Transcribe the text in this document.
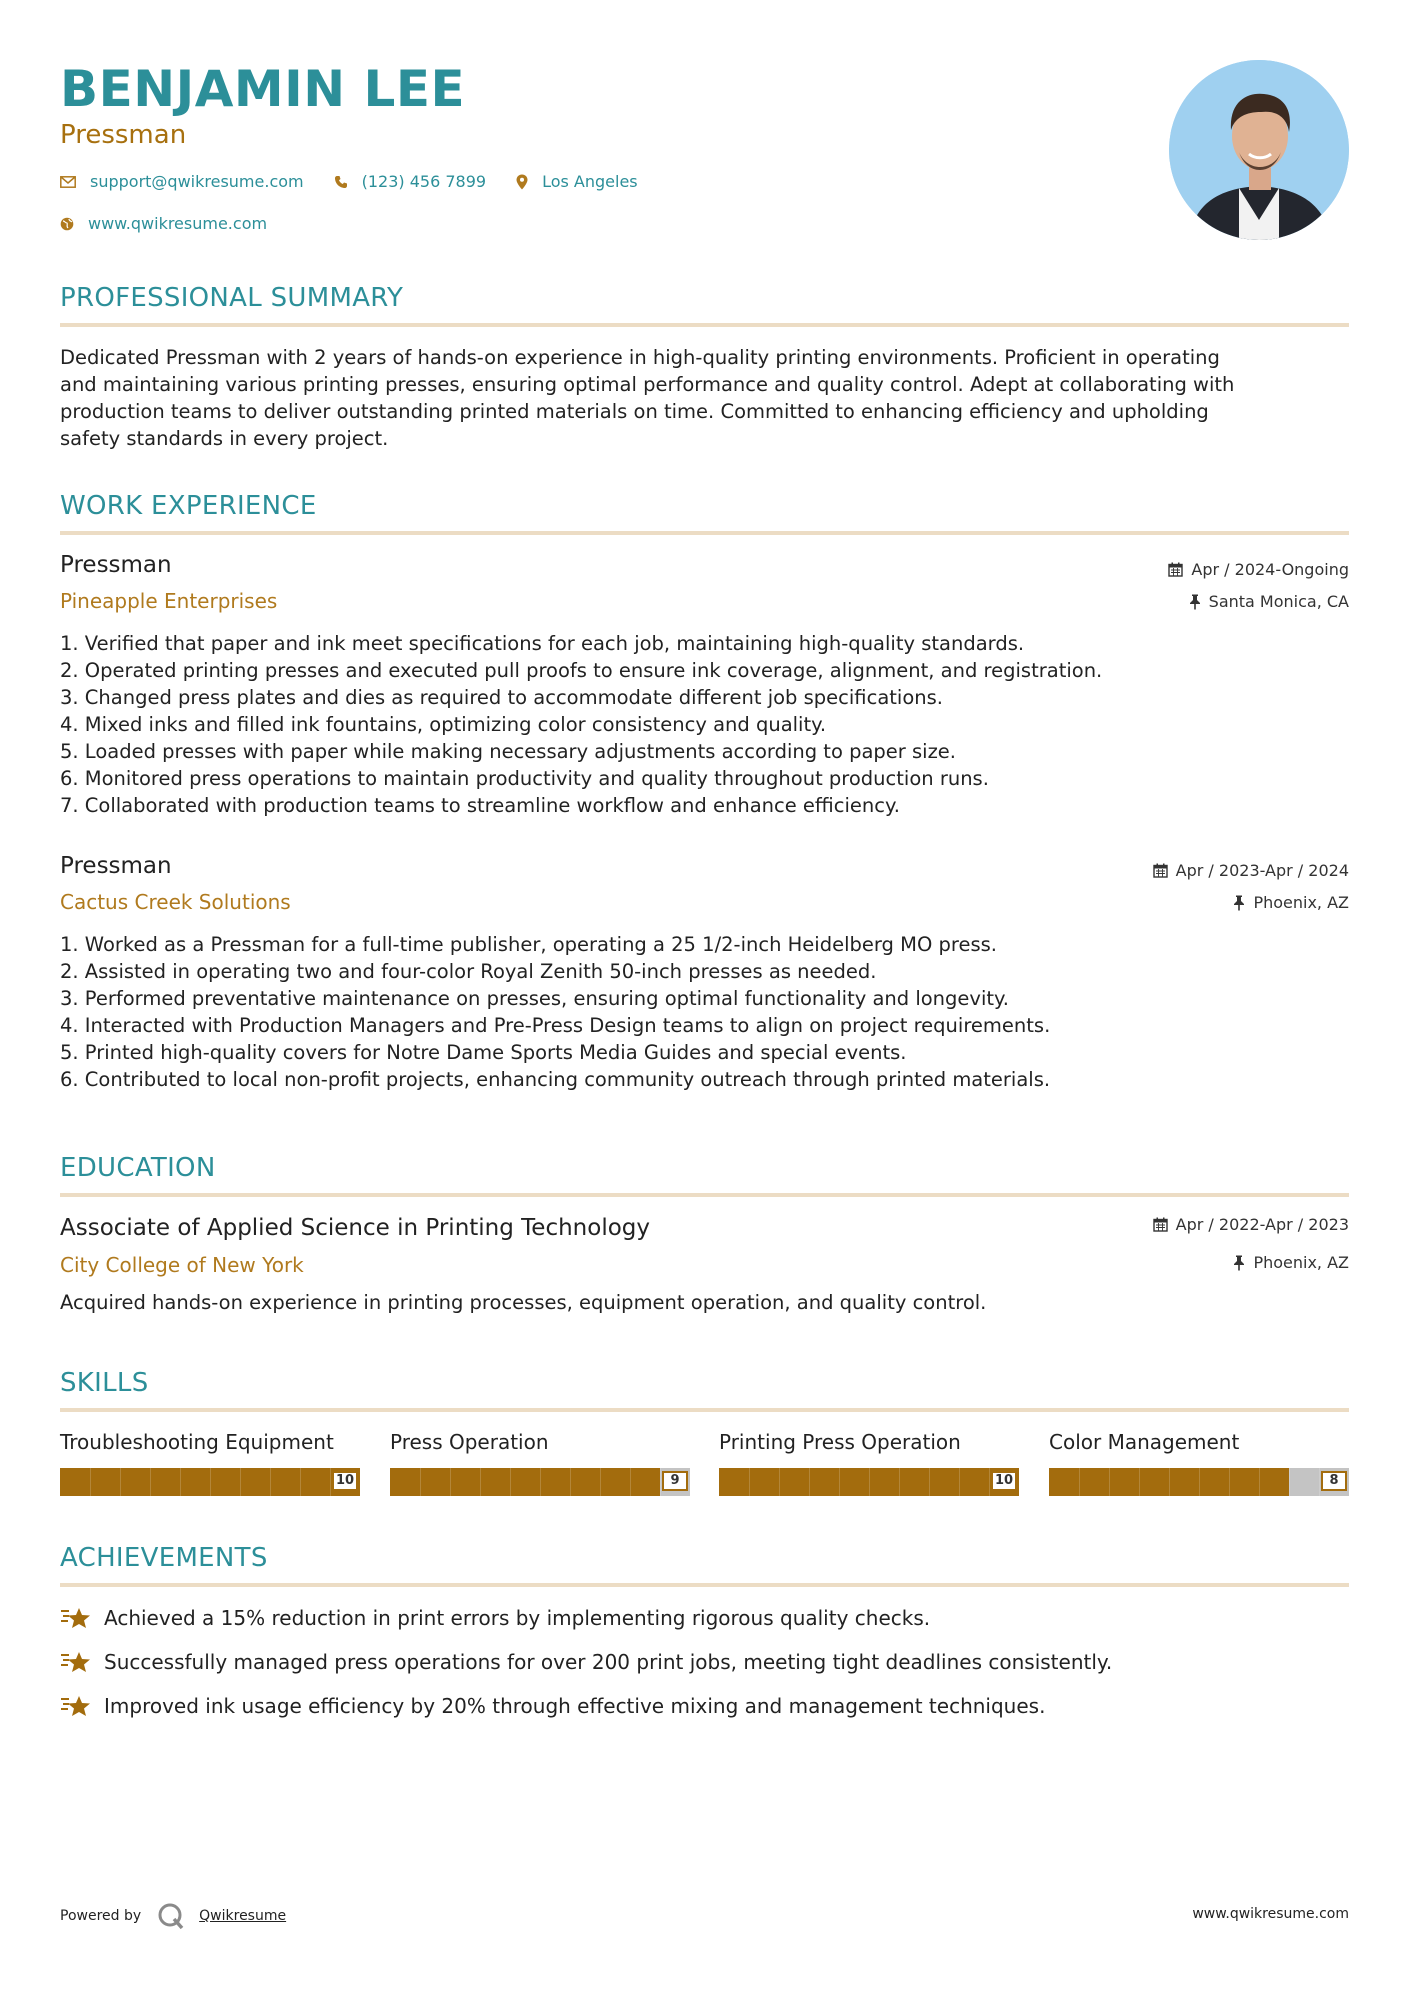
BENJAMIN LEE
Pressman
support@qwikresume.com	(123) 456 7899	Los Angeles
www.qwikresume.com
PROFESSIONAL SUMMARY
Dedicated Pressman with 2 years of hands-on experience in high-quality printing environments. Proficient in operating
and maintaining various printing presses, ensuring optimal performance and quality control. Adept at collaborating with
production teams to deliver outstanding printed materials on time. Committed to enhancing efficiency and upholding
safety standards in every project.
WORK EXPERIENCE
Pressman
Pineapple Enterprises
Apr / 2024-Ongoing
Santa Monica, CA
1. Verified that paper and ink meet specifications for each job, maintaining high-quality standards.
2. Operated printing presses and executed pull proofs to ensure ink coverage, alignment, and registration.
3. Changed press plates and dies as required to accommodate different job specifications.
4. Mixed inks and filled ink fountains, optimizing color consistency and quality.
5. Loaded presses with paper while making necessary adjustments according to paper size.
6. Monitored press operations to maintain productivity and quality throughout production runs.
7. Collaborated with production teams to streamline workflow and enhance efficiency.
Pressman
Cactus Creek Solutions
Apr / 2023-Apr / 2024
Phoenix, AZ
1. Worked as a Pressman for a full-time publisher, operating a 25 1/2-inch Heidelberg MO press.
2. Assisted in operating two and four-color Royal Zenith 50-inch presses as needed.
3. Performed preventative maintenance on presses, ensuring optimal functionality and longevity.
4. Interacted with Production Managers and Pre-Press Design teams to align on project requirements.
5. Printed high-quality covers for Notre Dame Sports Media Guides and special events.
6. Contributed to local non-profit projects, enhancing community outreach through printed materials.
EDUCATION
Associate of Applied Science in Printing Technology
City College of New York
Apr / 2022-Apr / 2023
Phoenix, AZ
Acquired hands-on experience in printing processes, equipment operation, and quality control.
SKILLS
Troubleshooting Equipment
10
Press Operation
9
Printing Press Operation
10
Color Management
8
ACHIEVEMENTS
Achieved a 15% reduction in print errors by implementing rigorous quality checks.
Successfully managed press operations for over 200 print jobs, meeting tight deadlines consistently.
Improved ink usage efficiency by 20% through effective mixing and management techniques.
Powered by	Qwikresume	www.qwikresume.com
